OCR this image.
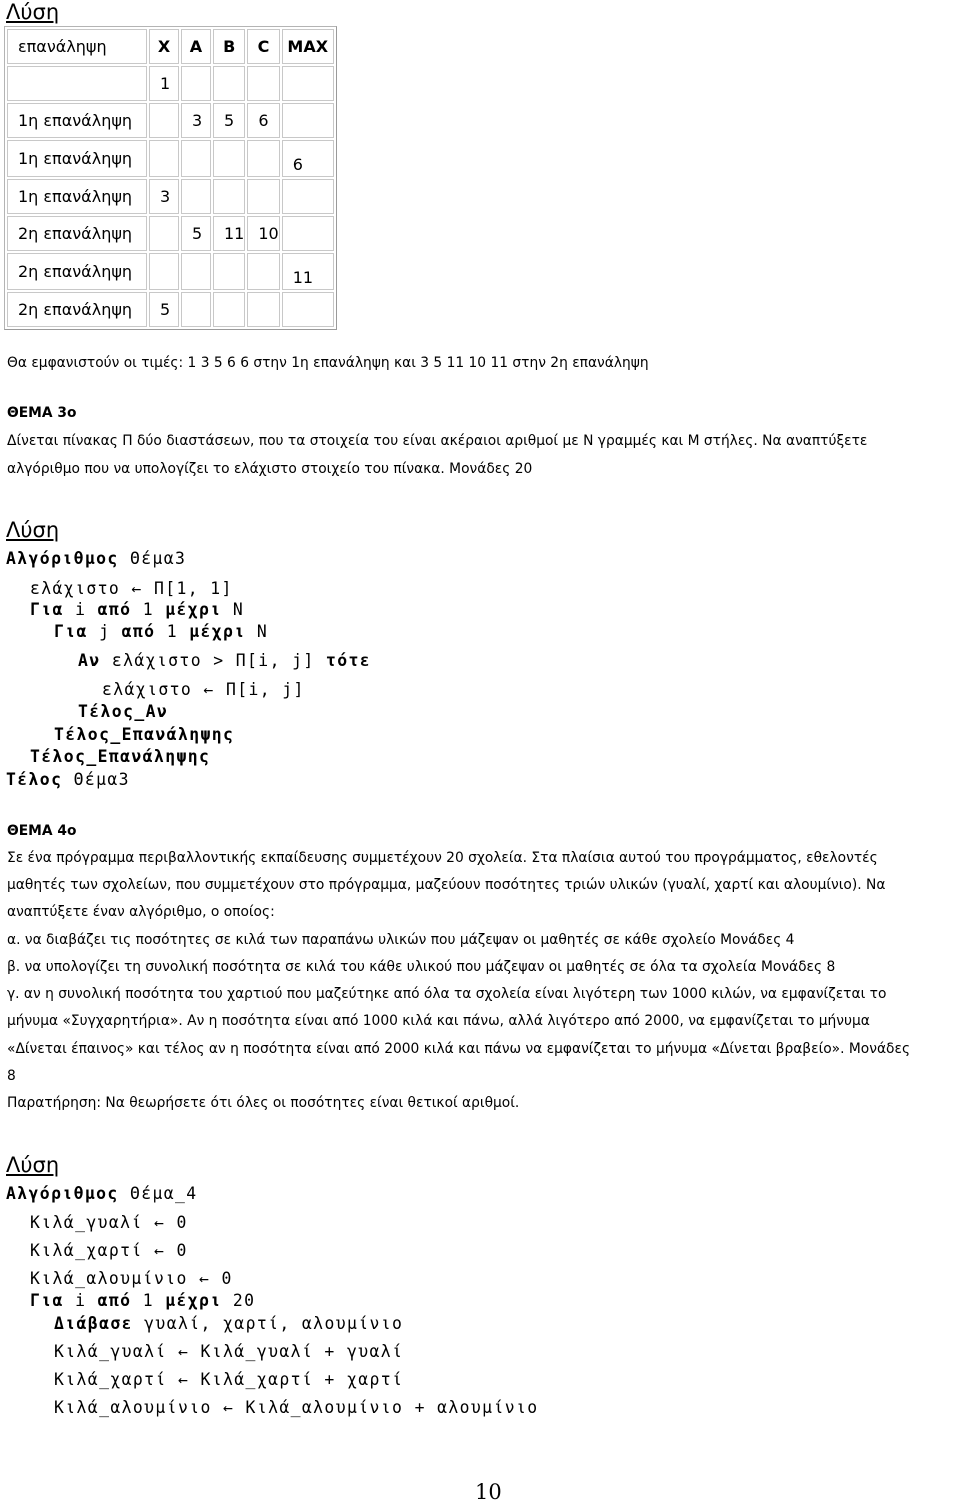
Λύση
επανάληψη	X	A	B	C	MAX
	1				
1η επανάληψη		3	5	6	
1η επανάληψη					6
1η επανάληψη	3				
2η επανάληψη		5	11	10	
2η επανάληψη					11
2η επανάληψη	5				
Θα εμφανιστούν οι τιμές: 1 3 5 6 6 στην 1η επανάληψη και 3 5 11 10 11 στην 2η επανάληψη
ΘΕΜΑ 3ο
Δίνεται πίνακας Π δύο διαστάσεων, που τα στοιχεία του είναι ακέραιοι αριθμοί με Ν γραμμές και Μ στήλες. Να αναπτύξετε
αλγόριθμο που να υπολογίζει το ελάχιστο στοιχείο του πίνακα. Μονάδες 20
Λύση
Αλγόριθμος Θέμα3
ελάχιστο ← Π[1, 1]
Για i από 1 μέχρι Ν
Για j από 1 μέχρι N
Αν ελάχιστο > Π[i, j] τότε
ελάχιστο ← Π[i, j]
Τέλος_Αν
Τέλος_Επανάληψης
Τέλος_Επανάληψης
Τέλος Θέμα3
ΘΕΜΑ 4ο
Σε ένα πρόγραμμα περιβαλλοντικής εκπαίδευσης συμμετέχουν 20 σχολεία. Στα πλαίσια αυτού του προγράμματος, εθελοντές
μαθητές των σχολείων, που συμμετέχουν στο πρόγραμμα, μαζεύουν ποσότητες τριών υλικών (γυαλί, χαρτί και αλουμίνιο). Να
αναπτύξετε έναν αλγόριθμο, ο οποίος:
α. να διαβάζει τις ποσότητες σε κιλά των παραπάνω υλικών που μάζεψαν οι μαθητές σε κάθε σχολείο Μονάδες 4
β. να υπολογίζει τη συνολική ποσότητα σε κιλά του κάθε υλικού που μάζεψαν οι μαθητές σε όλα τα σχολεία Μονάδες 8
γ. αν η συνολική ποσότητα του χαρτιού που μαζεύτηκε από όλα τα σχολεία είναι λιγότερη των 1000 κιλών, να εμφανίζεται το
μήνυμα «Συγχαρητήρια». Αν η ποσότητα είναι από 1000 κιλά και πάνω, αλλά λιγότερο από 2000, να εμφανίζεται το μήνυμα
«Δίνεται έπαινος» και τέλος αν η ποσότητα είναι από 2000 κιλά και πάνω να εμφανίζεται το μήνυμα «Δίνεται βραβείο». Μονάδες
8
Παρατήρηση: Να θεωρήσετε ότι όλες οι ποσότητες είναι θετικοί αριθμοί.
Λύση
Αλγόριθμος Θέμα_4
Κιλά_γυαλί ← 0
Κιλά_χαρτί ← 0
Κιλά_αλουμίνιο ← 0
Για i από 1 μέχρι 20
Διάβασε γυαλί, χαρτί, αλουμίνιο
Κιλά_γυαλί ← Κιλά_γυαλί + γυαλί
Κιλά_χαρτί ← Κιλά_χαρτί + χαρτί
Κιλά_αλουμίνιο ← Κιλά_αλουμίνιο + αλουμίνιο
10
